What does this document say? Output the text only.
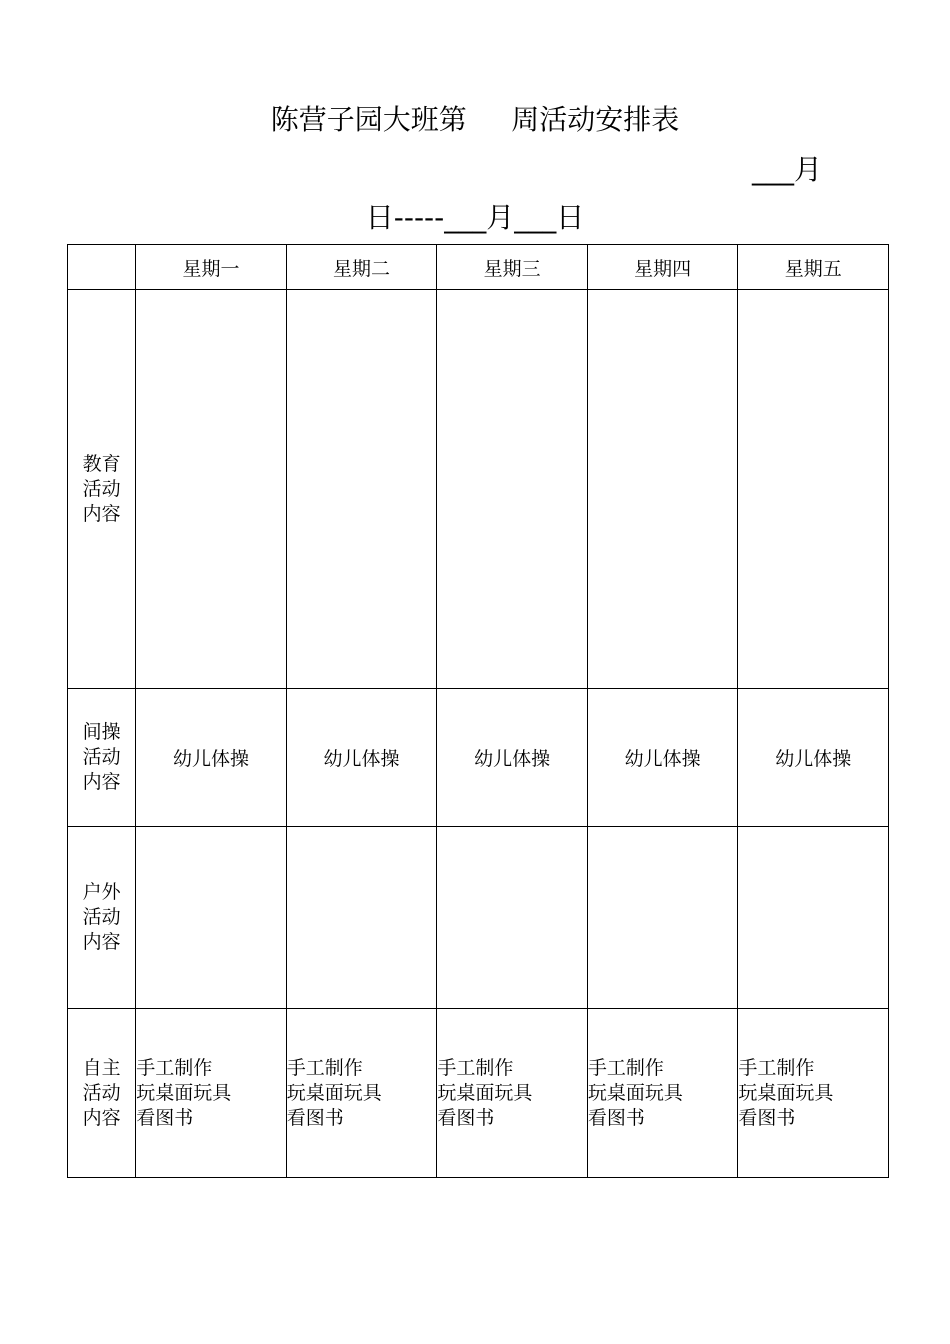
陈营子园大班第     周活动安排表
___月
日-----___月___日
	星期一	星期二	星期三	星期四	星期五

教育
活动
内容					

间操
活动
内容	幼儿体操	幼儿体操	幼儿体操	幼儿体操	幼儿体操

户外
活动
内容					

自主
活动
内容	手工制作
玩桌面玩具
看图书	手工制作
玩桌面玩具
看图书	手工制作
玩桌面玩具
看图书	手工制作
玩桌面玩具
看图书	手工制作
玩桌面玩具
看图书
